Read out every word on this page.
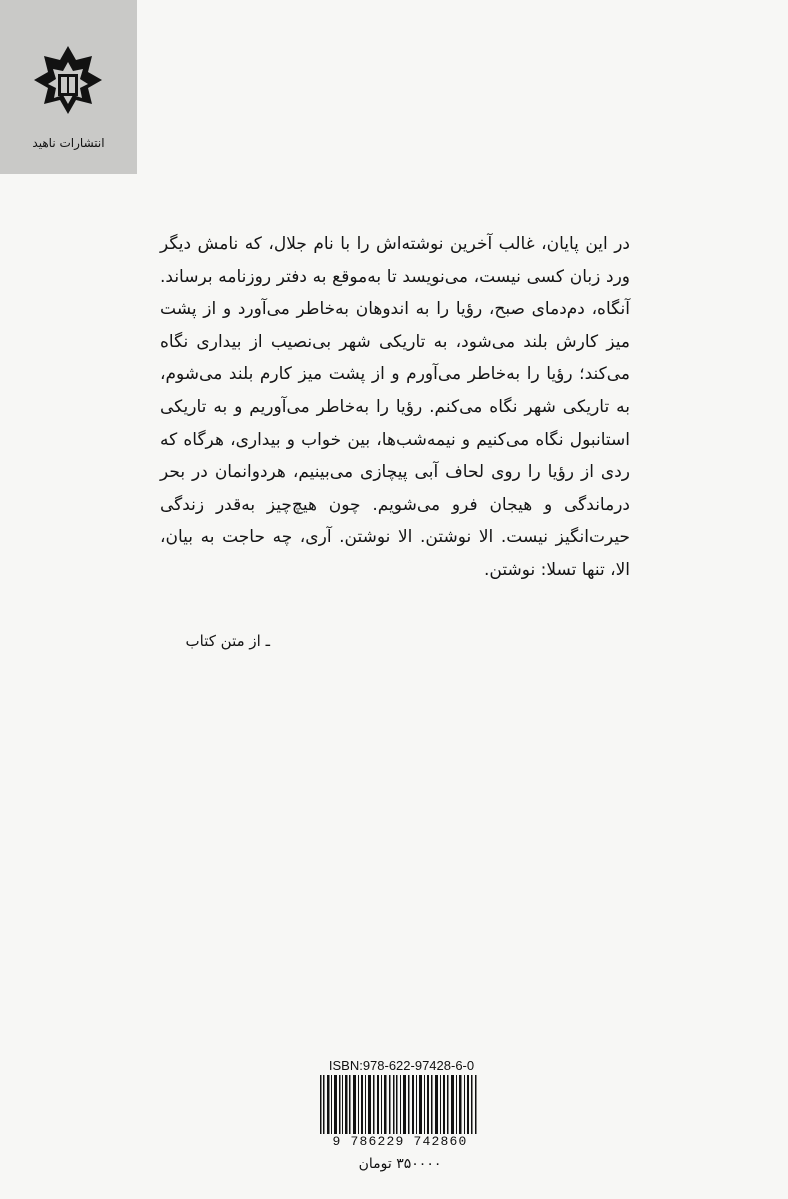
انتشارات ناهید

در این پایان، غالب آخرین نوشته‌اش را با نام جلال، که نامش دیگر ورد زبان کسی نیست، می‌نویسد تا به‌موقع به دفتر روزنامه برساند. آنگاه، دم‌دمای صبح، رؤیا را به اندوهان به‌خاطر می‌آورد و از پشت میز کارش بلند می‌شود، به تاریکی شهر بی‌نصیب از بیداری نگاه می‌کند؛ رؤیا را به‌خاطر می‌آورم و از پشت میز کارم بلند می‌شوم، به تاریکی شهر نگاه می‌کنم. رؤیا را به‌خاطر می‌آوریم و به تاریکی استانبول نگاه می‌کنیم و نیمه‌شب‌ها، بین خواب و بیداری، هرگاه که ردی از رؤیا را روی لحاف آبی پیچازی می‌بینیم، هردوانمان در بحر درماندگی و هیجان فرو می‌شویم. چون هیچ‌چیز به‌قدر زندگی حیرت‌انگیز نیست. الا نوشتن. الا نوشتن. آری، چه حاجت به بیان، الا، تنها تسلا: نوشتن.

ـ از متن کتاب
ISBN:978-622-97428-6-0
9 786229 742860
۳۵۰۰۰۰ تومان
